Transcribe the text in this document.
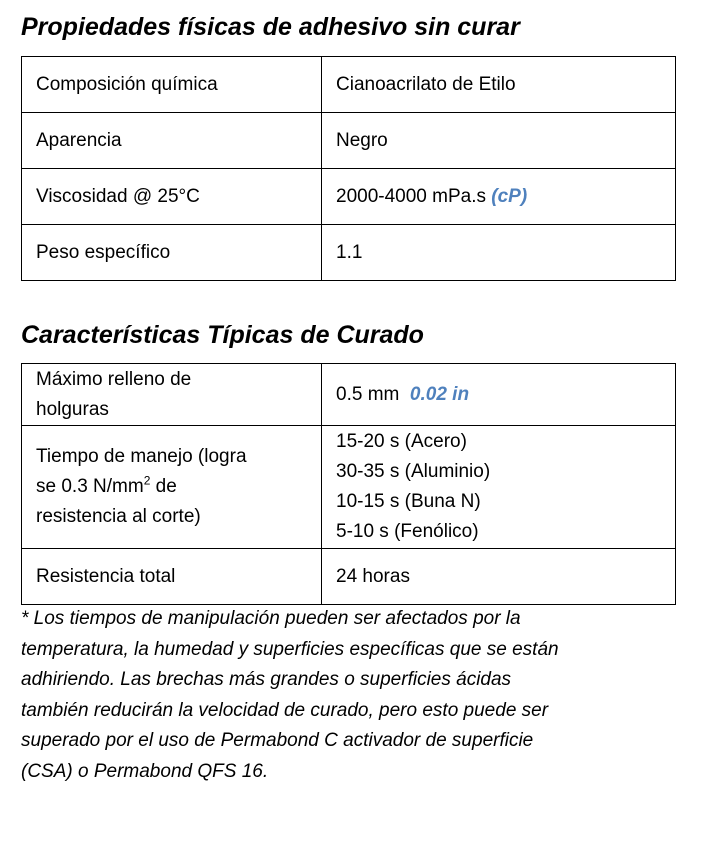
Propiedades físicas de adhesivo sin curar
Composición química	Cianoacrilato de Etilo
Aparencia	Negro
Viscosidad @ 25°C	2000-4000 mPa.s (cP)
Peso específico	1.1
Características Típicas de Curado
Máximo relleno de
holguras	0.5 mm 0.02 in

Tiempo de manejo (logra
se 0.3 $N/mm^2$ de
resistencia al corte)	15-20 s (Acero)
30-35 s (Aluminio)
10-15 s (Buna N)
5-10 s (Fenólico)

Resistencia total	24 horas

* Los tiempos de manipulación pueden ser afectados por la
temperatura, la humedad y superficies específicas que se están
adhiriendo. Las brechas más grandes o superficies ácidas
también reducirán la velocidad de curado, pero esto puede ser
superado por el uso de Permabond C activador de superficie
(CSA) o Permabond QFS 16.
